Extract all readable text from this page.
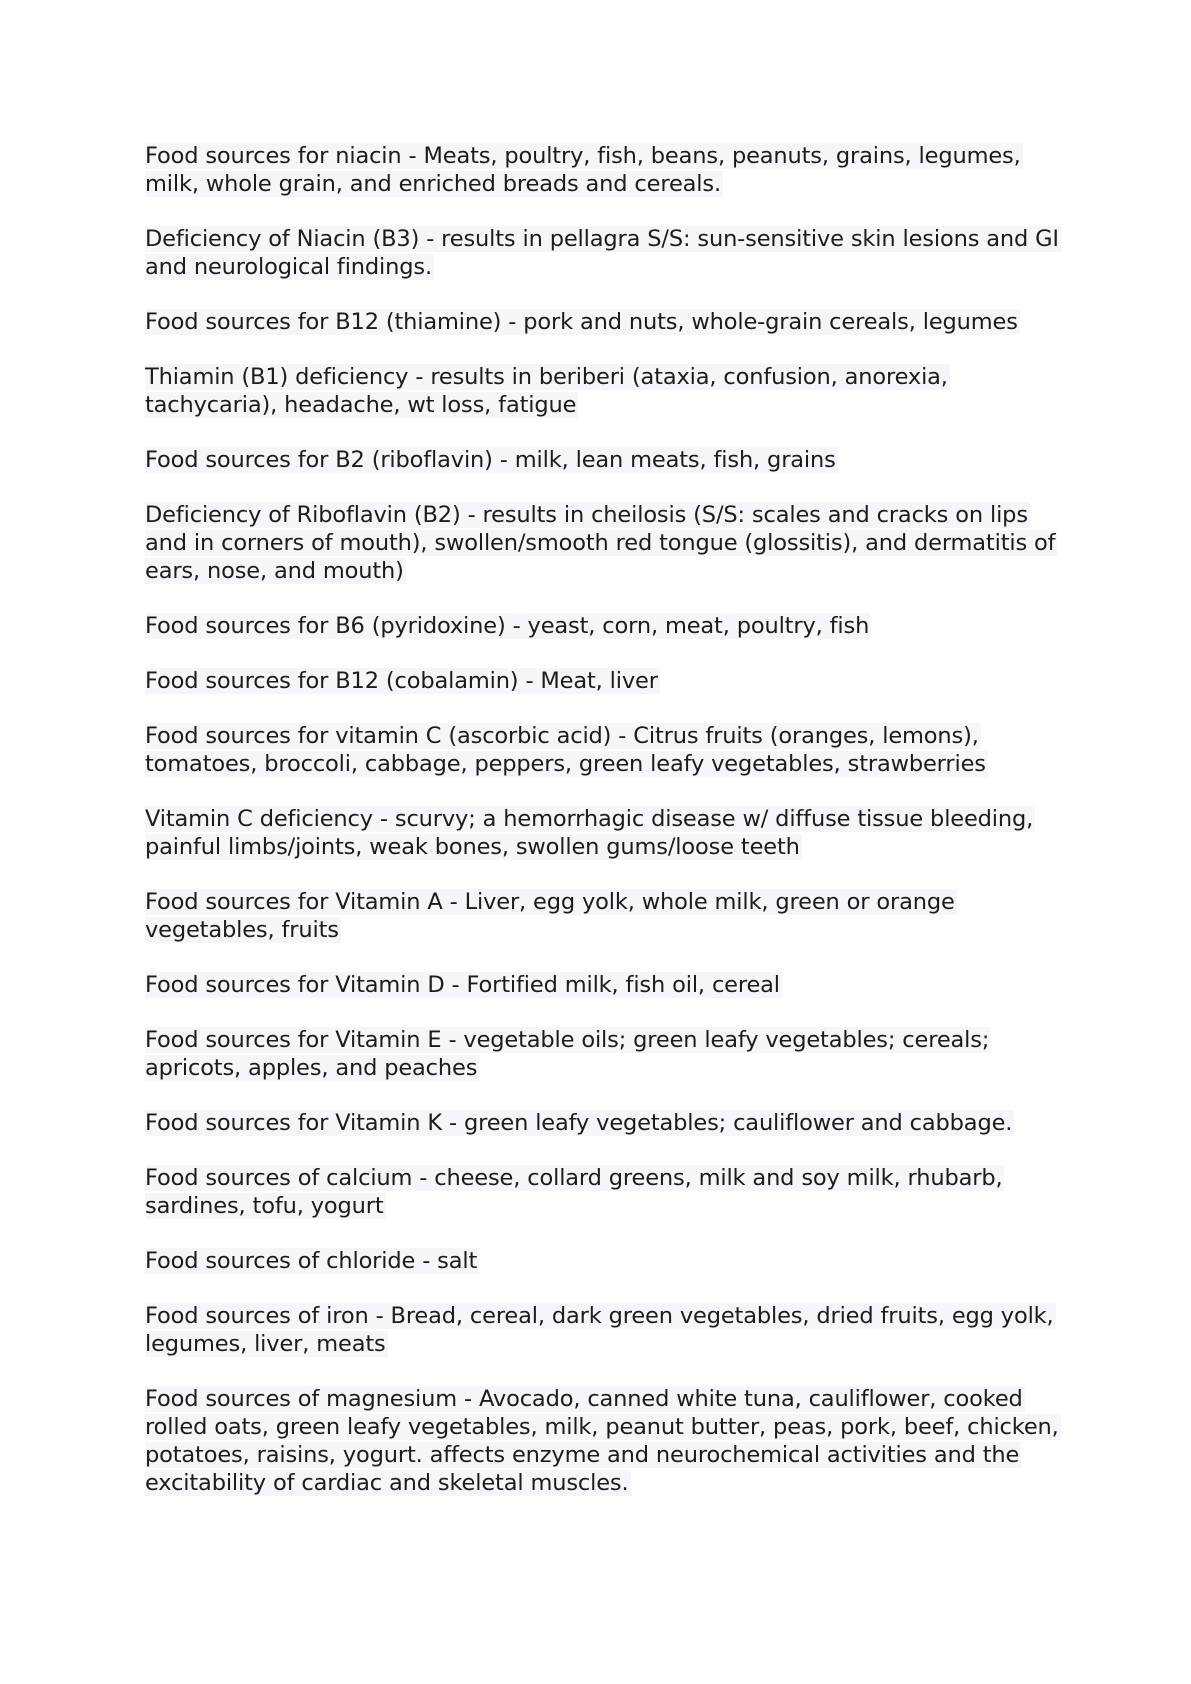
Food sources for niacin - Meats, poultry, fish, beans, peanuts, grains, legumes, milk, whole grain, and enriched breads and cereals.

Deficiency of Niacin (B3) - results in pellagra S/S: sun-sensitive skin lesions and GI and neurological findings.

Food sources for B12 (thiamine) - pork and nuts, whole-grain cereals, legumes

Thiamin (B1) deficiency - results in beriberi (ataxia, confusion, anorexia, tachycaria), headache, wt loss, fatigue

Food sources for B2 (riboflavin) - milk, lean meats, fish, grains

Deficiency of Riboflavin (B2) - results in cheilosis (S/S: scales and cracks on lips and in corners of mouth), swollen/smooth red tongue (glossitis), and dermatitis of ears, nose, and mouth)

Food sources for B6 (pyridoxine) - yeast, corn, meat, poultry, fish

Food sources for B12 (cobalamin) - Meat, liver

Food sources for vitamin C (ascorbic acid) - Citrus fruits (oranges, lemons), tomatoes, broccoli, cabbage, peppers, green leafy vegetables, strawberries

Vitamin C deficiency - scurvy; a hemorrhagic disease w/ diffuse tissue bleeding, painful limbs/joints, weak bones, swollen gums/loose teeth

Food sources for Vitamin A - Liver, egg yolk, whole milk, green or orange vegetables, fruits

Food sources for Vitamin D - Fortified milk, fish oil, cereal

Food sources for Vitamin E - vegetable oils; green leafy vegetables; cereals; apricots, apples, and peaches

Food sources for Vitamin K - green leafy vegetables; cauliflower and cabbage.

Food sources of calcium - cheese, collard greens, milk and soy milk, rhubarb, sardines, tofu, yogurt

Food sources of chloride - salt

Food sources of iron - Bread, cereal, dark green vegetables, dried fruits, egg yolk, legumes, liver, meats

Food sources of magnesium - Avocado, canned white tuna, cauliflower, cooked rolled oats, green leafy vegetables, milk, peanut butter, peas, pork, beef, chicken, potatoes, raisins, yogurt. affects enzyme and neurochemical activities and the excitability of cardiac and skeletal muscles.
